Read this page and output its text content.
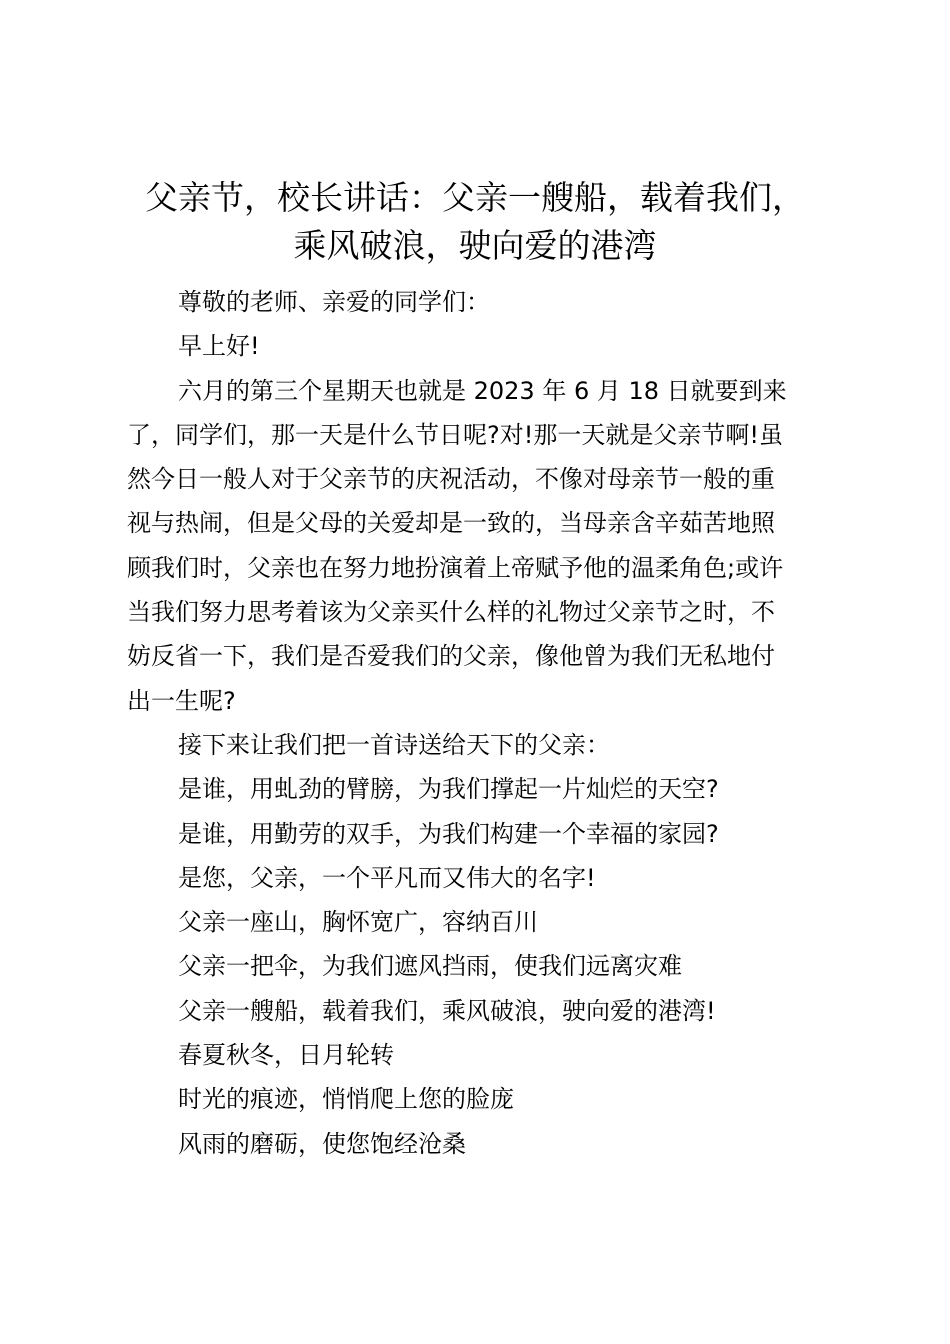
父亲节，校长讲话：父亲一艘船，载着我们，
乘风破浪，驶向爱的港湾
尊敬的老师、亲爱的同学们：
早上好!
六月的第三个星期天也就是 2023 年 6 月 18 日就要到来
了，同学们，那一天是什么节日呢?对!那一天就是父亲节啊!虽
然今日一般人对于父亲节的庆祝活动，不像对母亲节一般的重
视与热闹，但是父母的关爱却是一致的，当母亲含辛茹苦地照
顾我们时，父亲也在努力地扮演着上帝赋予他的温柔角色;或许
当我们努力思考着该为父亲买什么样的礼物过父亲节之时，不
妨反省一下，我们是否爱我们的父亲，像他曾为我们无私地付
出一生呢?
接下来让我们把一首诗送给天下的父亲：
是谁，用虬劲的臂膀，为我们撑起一片灿烂的天空?
是谁，用勤劳的双手，为我们构建一个幸福的家园?
是您，父亲，一个平凡而又伟大的名字!
父亲一座山，胸怀宽广，容纳百川
父亲一把伞，为我们遮风挡雨，使我们远离灾难
父亲一艘船，载着我们，乘风破浪，驶向爱的港湾!
春夏秋冬，日月轮转
时光的痕迹，悄悄爬上您的脸庞
风雨的磨砺，使您饱经沧桑
